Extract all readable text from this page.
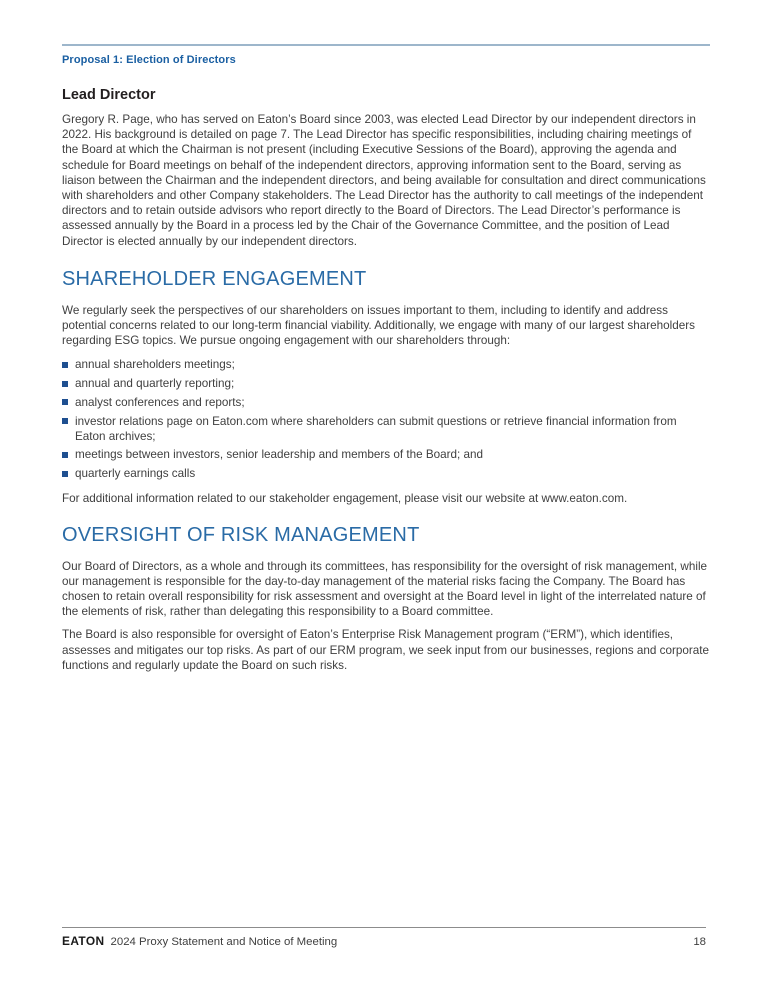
Proposal 1: Election of Directors
Lead Director

Gregory R. Page, who has served on Eaton’s Board since 2003, was elected Lead Director by our independent directors in 2022. His background is detailed on page 7. The Lead Director has specific responsibilities, including chairing meetings of the Board at which the Chairman is not present (including Executive Sessions of the Board), approving the agenda and schedule for Board meetings on behalf of the independent directors, approving information sent to the Board, serving as liaison between the Chairman and the independent directors, and being available for consultation and direct communications with shareholders and other Company stakeholders. The Lead Director has the authority to call meetings of the independent directors and to retain outside advisors who report directly to the Board of Directors. The Lead Director’s performance is assessed annually by the Board in a process led by the Chair of the Governance Committee, and the position of Lead Director is elected annually by our independent directors.

SHAREHOLDER ENGAGEMENT

We regularly seek the perspectives of our shareholders on issues important to them, including to identify and address potential concerns related to our long-term financial viability. Additionally, we engage with many of our largest shareholders regarding ESG topics. We pursue ongoing engagement with our shareholders through:

annual shareholders meetings;
annual and quarterly reporting;
analyst conferences and reports;
investor relations page on Eaton.com where shareholders can submit questions or retrieve financial information from Eaton archives;
meetings between investors, senior leadership and members of the Board; and
quarterly earnings calls

For additional information related to our stakeholder engagement, please visit our website at www.eaton.com.

OVERSIGHT OF RISK MANAGEMENT

Our Board of Directors, as a whole and through its committees, has responsibility for the oversight of risk management, while our management is responsible for the day-to-day management of the material risks facing the Company. The Board has chosen to retain overall responsibility for risk assessment and oversight at the Board level in light of the interrelated nature of the elements of risk, rather than delegating this responsibility to a Board committee.

The Board is also responsible for oversight of Eaton’s Enterprise Risk Management program (“ERM”), which identifies, assesses and mitigates our top risks. As part of our ERM program, we seek input from our businesses, regions and corporate functions and regularly update the Board on such risks.

EATON 2024 Proxy Statement and Notice of Meeting	18
